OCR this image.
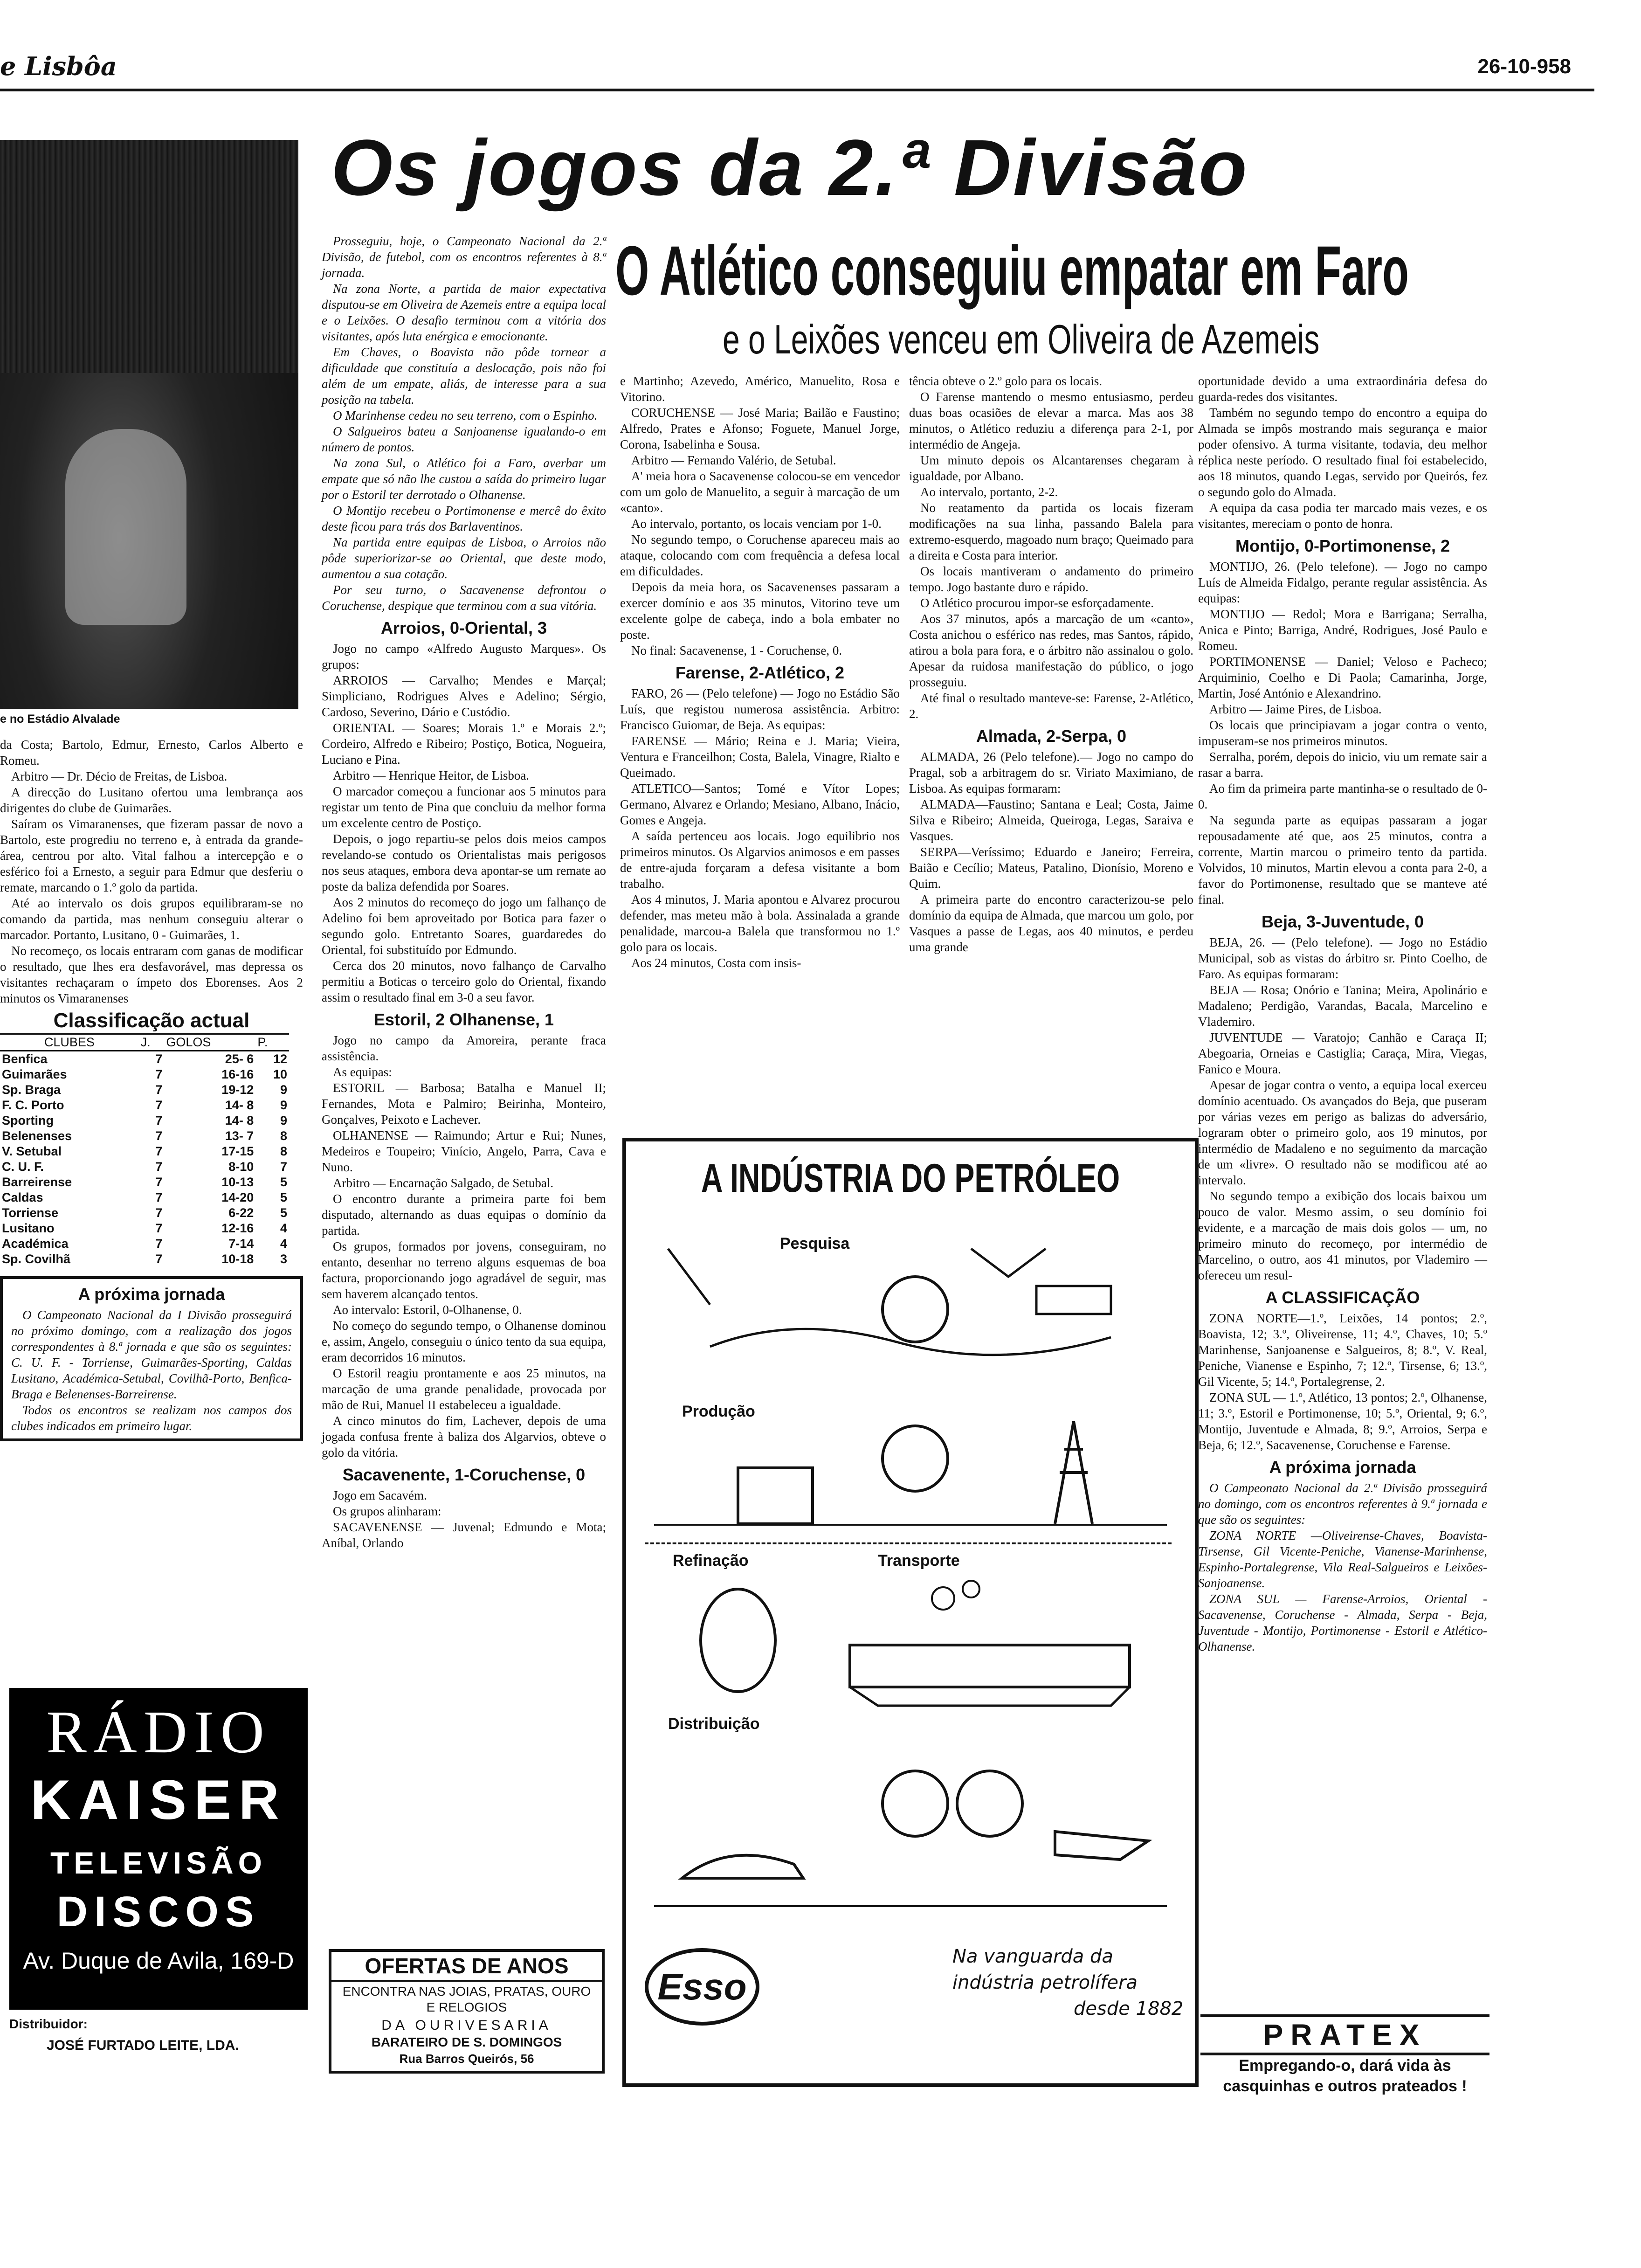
e Lisbôa	26-10-958
Os jogos da 2.ª Divisão
O Atlético conseguiu empatar em Faro
e o Leixões venceu em Oliveira de Azemeis
e no Estádio Alvalade

da Costa; Bartolo, Edmur, Ernesto, Carlos Alberto e Romeu.

Arbitro — Dr. Décio de Freitas, de Lisboa.

A direcção do Lusitano ofertou uma lembrança aos dirigentes do clube de Guimarães.

Saíram os Vimaranenses, que fizeram passar de novo a Bartolo, este progrediu no terreno e, à entrada da grande-área, centrou por alto. Vital falhou a intercepção e o esférico foi a Ernesto, a seguir para Edmur que desferiu o remate, marcando o 1.º golo da partida.

Até ao intervalo os dois grupos equilibraram-se no comando da partida, mas nenhum conseguiu alterar o marcador. Portanto, Lusitano, 0 - Guimarães, 1.

No recomeço, os locais entraram com ganas de modificar o resultado, que lhes era desfavorável, mas depressa os visitantes rechaçaram o ímpeto dos Eborenses. Aos 2 minutos os Vimaranenses

Classificação actual
CLUBES	J.	GOLOS	P.
Benfica	7	25- 6	12
Guimarães	7	16-16	10
Sp. Braga	7	19-12	9
F. C. Porto	7	14- 8	9
Sporting	7	14- 8	9
Belenenses	7	13- 7	8
V. Setubal	7	17-15	8
C. U. F.	7	8-10	7
Barreirense	7	10-13	5
Caldas	7	14-20	5
Torriense	7	6-22	5
Lusitano	7	12-16	4
Académica	7	7-14	4
Sp. Covilhã	7	10-18	3
A próxima jornada

O Campeonato Nacional da I Divisão prosseguirá no próximo domingo, com a realização dos jogos correspondentes à 8.ª jornada e que são os seguintes: C. U. F. - Torriense, Guimarães-Sporting, Caldas Lusitano, Académica-Setubal, Covilhã-Porto, Benfica-Braga e Belenenses-Barreirense.

Todos os encontros se realizam nos campos dos clubes indicados em primeiro lugar.

RÁDIO
KAISER
TELEVISÃO
DISCOS
Av. Duque de Avila, 169-D
Distribuidor:
JOSÉ FURTADO LEITE, LDA.

Prosseguiu, hoje, o Campeonato Nacional da 2.ª Divisão, de futebol, com os encontros referentes à 8.ª jornada.

Na zona Norte, a partida de maior expectativa disputou-se em Oliveira de Azemeis entre a equipa local e o Leixões. O desafio terminou com a vitória dos visitantes, após luta enérgica e emocionante.

Em Chaves, o Boavista não pôde tornear a dificuldade que constituía a deslocação, pois não foi além de um empate, aliás, de interesse para a sua posição na tabela.

O Marinhense cedeu no seu terreno, com o Espinho.

O Salgueiros bateu a Sanjoanense igualando-o em número de pontos.

Na zona Sul, o Atlético foi a Faro, averbar um empate que só não lhe custou a saída do primeiro lugar por o Estoril ter derrotado o Olhanense.

O Montijo recebeu o Portimonense e mercê do êxito deste ficou para trás dos Barlaventinos.

Na partida entre equipas de Lisboa, o Arroios não pôde superiorizar-se ao Oriental, que deste modo, aumentou a sua cotação.

Por seu turno, o Sacavenense defrontou o Coruchense, despique que terminou com a sua vitória.

Arroios, 0-Oriental, 3

Jogo no campo «Alfredo Augusto Marques». Os grupos:

ARROIOS — Carvalho; Mendes e Marçal; Simpliciano, Rodrigues Alves e Adelino; Sérgio, Cardoso, Severino, Dário e Custódio.

ORIENTAL — Soares; Morais 1.º e Morais 2.º; Cordeiro, Alfredo e Ribeiro; Postiço, Botica, Nogueira, Luciano e Pina.

Arbitro — Henrique Heitor, de Lisboa.

O marcador começou a funcionar aos 5 minutos para registar um tento de Pina que concluiu da melhor forma um excelente centro de Postiço.

Depois, o jogo repartiu-se pelos dois meios campos revelando-se contudo os Orientalistas mais perigosos nos seus ataques, embora deva apontar-se um remate ao poste da baliza defendida por Soares.

Aos 2 minutos do recomeço do jogo um falhanço de Adelino foi bem aproveitado por Botica para fazer o segundo golo. Entretanto Soares, guardaredes do Oriental, foi substituído por Edmundo.

Cerca dos 20 minutos, novo falhanço de Carvalho permitiu a Boticas o terceiro golo do Oriental, fixando assim o resultado final em 3-0 a seu favor.

Estoril, 2 Olhanense, 1

Jogo no campo da Amoreira, perante fraca assistência.

As equipas:

ESTORIL — Barbosa; Batalha e Manuel II; Fernandes, Mota e Palmiro; Beirinha, Monteiro, Gonçalves, Peixoto e Lachever.

OLHANENSE — Raimundo; Artur e Rui; Nunes, Medeiros e Toupeiro; Vinício, Angelo, Parra, Cava e Nuno.

Arbitro — Encarnação Salgado, de Setubal.

O encontro durante a primeira parte foi bem disputado, alternando as duas equipas o domínio da partida.

Os grupos, formados por jovens, conseguiram, no entanto, desenhar no terreno alguns esquemas de boa factura, proporcionando jogo agradável de seguir, mas sem haverem alcançado tentos.

Ao intervalo: Estoril, 0-Olhanense, 0.

No começo do segundo tempo, o Olhanense dominou e, assim, Angelo, conseguiu o único tento da sua equipa, eram decorridos 16 minutos.

O Estoril reagiu prontamente e aos 25 minutos, na marcação de uma grande penalidade, provocada por mão de Rui, Manuel II estabeleceu a igualdade.

A cinco minutos do fim, Lachever, depois de uma jogada confusa frente à baliza dos Algarvios, obteve o golo da vitória.

Sacavenente, 1-Coruchense, 0

Jogo em Sacavém.

Os grupos alinharam:

SACAVENENSE — Juvenal; Edmundo e Mota; Aníbal, Orlando

OFERTAS DE ANOS
ENCONTRA NAS JOIAS, PRATAS, OURO E RELOGIOS
DA OURIVESARIA
BARATEIRO DE S. DOMINGOS
Rua Barros Queirós, 56

e Martinho; Azevedo, Américo, Manuelito, Rosa e Vitorino.

CORUCHENSE — José Maria; Bailão e Faustino; Alfredo, Prates e Afonso; Foguete, Manuel Jorge, Corona, Isabelinha e Sousa.

Arbitro — Fernando Valério, de Setubal.

A' meia hora o Sacavenense colocou-se em vencedor com um golo de Manuelito, a seguir à marcação de um «canto».

Ao intervalo, portanto, os locais venciam por 1-0.

No segundo tempo, o Coruchense apareceu mais ao ataque, colocando com com frequência a defesa local em dificuldades.

Depois da meia hora, os Sacavenenses passaram a exercer domínio e aos 35 minutos, Vitorino teve um excelente golpe de cabeça, indo a bola embater no poste.

No final: Sacavenense, 1 - Coruchense, 0.

Farense, 2-Atlético, 2

FARO, 26 — (Pelo telefone) — Jogo no Estádio São Luís, que registou numerosa assistência. Arbitro: Francisco Guiomar, de Beja. As equipas:

FARENSE — Mário; Reina e J. Maria; Vieira, Ventura e Franceilhon; Costa, Balela, Vinagre, Rialto e Queimado.

ATLETICO—Santos; Tomé e Vítor Lopes; Germano, Alvarez e Orlando; Mesiano, Albano, Inácio, Gomes e Angeja.

A saída pertenceu aos locais. Jogo equilibrio nos primeiros minutos. Os Algarvios animosos e em passes de entre-ajuda forçaram a defesa visitante a bom trabalho.

Aos 4 minutos, J. Maria apontou e Alvarez procurou defender, mas meteu mão à bola. Assinalada a grande penalidade, marcou-a Balela que transformou no 1.º golo para os locais.

Aos 24 minutos, Costa com insis-

tência obteve o 2.º golo para os locais.

O Farense mantendo o mesmo entusiasmo, perdeu duas boas ocasiões de elevar a marca. Mas aos 38 minutos, o Atlético reduziu a diferença para 2-1, por intermédio de Angeja.

Um minuto depois os Alcantarenses chegaram à igualdade, por Albano.

Ao intervalo, portanto, 2-2.

No reatamento da partida os locais fizeram modificações na sua linha, passando Balela para extremo-esquerdo, magoado num braço; Queimado para a direita e Costa para interior.

Os locais mantiveram o andamento do primeiro tempo. Jogo bastante duro e rápido.

O Atlético procurou impor-se esforçadamente.

Aos 37 minutos, após a marcação de um «canto», Costa anichou o esférico nas redes, mas Santos, rápido, atirou a bola para fora, e o árbitro não assinalou o golo. Apesar da ruidosa manifestação do público, o jogo prosseguiu.

Até final o resultado manteve-se: Farense, 2-Atlético, 2.

Almada, 2-Serpa, 0

ALMADA, 26 (Pelo telefone).— Jogo no campo do Pragal, sob a arbitragem do sr. Viriato Maximiano, de Lisboa. As equipas formaram:

ALMADA—Faustino; Santana e Leal; Costa, Jaime Silva e Ribeiro; Almeida, Queiroga, Legas, Saraiva e Vasques.

SERPA—Veríssimo; Eduardo e Janeiro; Ferreira, Baião e Cecílio; Mateus, Patalino, Dionísio, Moreno e Quim.

A primeira parte do encontro caracterizou-se pelo domínio da equipa de Almada, que marcou um golo, por Vasques a passe de Legas, aos 40 minutos, e perdeu uma grande

A INDÚSTRIA DO PETRÓLEO
Pesquisa
Produção
Refinação	Transporte
Distribuição
Esso
Na vanguarda da
indústria petrolífera
desde 1882

oportunidade devido a uma extraordinária defesa do guarda-redes dos visitantes.

Também no segundo tempo do encontro a equipa do Almada se impôs mostrando mais segurança e maior poder ofensivo. A turma visitante, todavia, deu melhor réplica neste período. O resultado final foi estabelecido, aos 18 minutos, quando Legas, servido por Queirós, fez o segundo golo do Almada.

A equipa da casa podia ter marcado mais vezes, e os visitantes, mereciam o ponto de honra.

Montijo, 0-Portimonense, 2

MONTIJO, 26. (Pelo telefone). — Jogo no campo Luís de Almeida Fidalgo, perante regular assistência. As equipas:

MONTIJO — Redol; Mora e Barrigana; Serralha, Anica e Pinto; Barriga, André, Rodrigues, José Paulo e Romeu.

PORTIMONENSE — Daniel; Veloso e Pacheco; Arquiminio, Coelho e Di Paola; Camarinha, Jorge, Martin, José António e Alexandrino.

Arbitro — Jaime Pires, de Lisboa.

Os locais que principiavam a jogar contra o vento, impuseram-se nos primeiros minutos.

Serralha, porém, depois do inicio, viu um remate sair a rasar a barra.

Ao fim da primeira parte mantinha-se o resultado de 0-0.

Na segunda parte as equipas passaram a jogar repousadamente até que, aos 25 minutos, contra a corrente, Martin marcou o primeiro tento da partida. Volvidos, 10 minutos, Martin elevou a conta para 2-0, a favor do Portimonense, resultado que se manteve até final.

Beja, 3-Juventude, 0

BEJA, 26. — (Pelo telefone). — Jogo no Estádio Municipal, sob as vistas do árbitro sr. Pinto Coelho, de Faro. As equipas formaram:

BEJA — Rosa; Onório e Tanina; Meira, Apolinário e Madaleno; Perdigão, Varandas, Bacala, Marcelino e Vlademiro.

JUVENTUDE — Varatojo; Canhão e Caraça II; Abegoaria, Orneias e Castiglia; Caraça, Mira, Viegas, Fanico e Moura.

Apesar de jogar contra o vento, a equipa local exerceu domínio acentuado. Os avançados do Beja, que puseram por várias vezes em perigo as balizas do adversário, lograram obter o primeiro golo, aos 19 minutos, por intermédio de Madaleno e no seguimento da marcação de um «livre». O resultado não se modificou até ao intervalo.

No segundo tempo a exibição dos locais baixou um pouco de valor. Mesmo assim, o seu domínio foi evidente, e a marcação de mais dois golos — um, no primeiro minuto do recomeço, por intermédio de Marcelino, o outro, aos 41 minutos, por Vlademiro — ofereceu um resul-

A CLASSIFICAÇÃO

ZONA NORTE—1.º, Leixões, 14 pontos; 2.º, Boavista, 12; 3.º, Oliveirense, 11; 4.º, Chaves, 10; 5.º Marinhense, Sanjoanense e Salgueiros, 8; 8.º, V. Real, Peniche, Vianense e Espinho, 7; 12.º, Tirsense, 6; 13.º, Gil Vicente, 5; 14.º, Portalegrense, 2.

ZONA SUL — 1.º, Atlético, 13 pontos; 2.º, Olhanense, 11; 3.º, Estoril e Portimonense, 10; 5.º, Oriental, 9; 6.º, Montijo, Juventude e Almada, 8; 9.º, Arroios, Serpa e Beja, 6; 12.º, Sacavenense, Coruchense e Farense.

A próxima jornada

O Campeonato Nacional da 2.ª Divisão prosseguirá no domingo, com os encontros referentes à 9.ª jornada e que são os seguintes:

ZONA NORTE —Oliveirense-Chaves, Boavista-Tirsense, Gil Vicente-Peniche, Vianense-Marinhense, Espinho-Portalegrense, Vila Real-Salgueiros e Leixões-Sanjoanense.

ZONA SUL — Farense-Arroios, Oriental - Sacavenense, Coruchense - Almada, Serpa - Beja, Juventude - Montijo, Portimonense - Estoril e Atlético-Olhanense.

PRATEX
Empregando-o, dará vida às casquinhas e outros prateados !
